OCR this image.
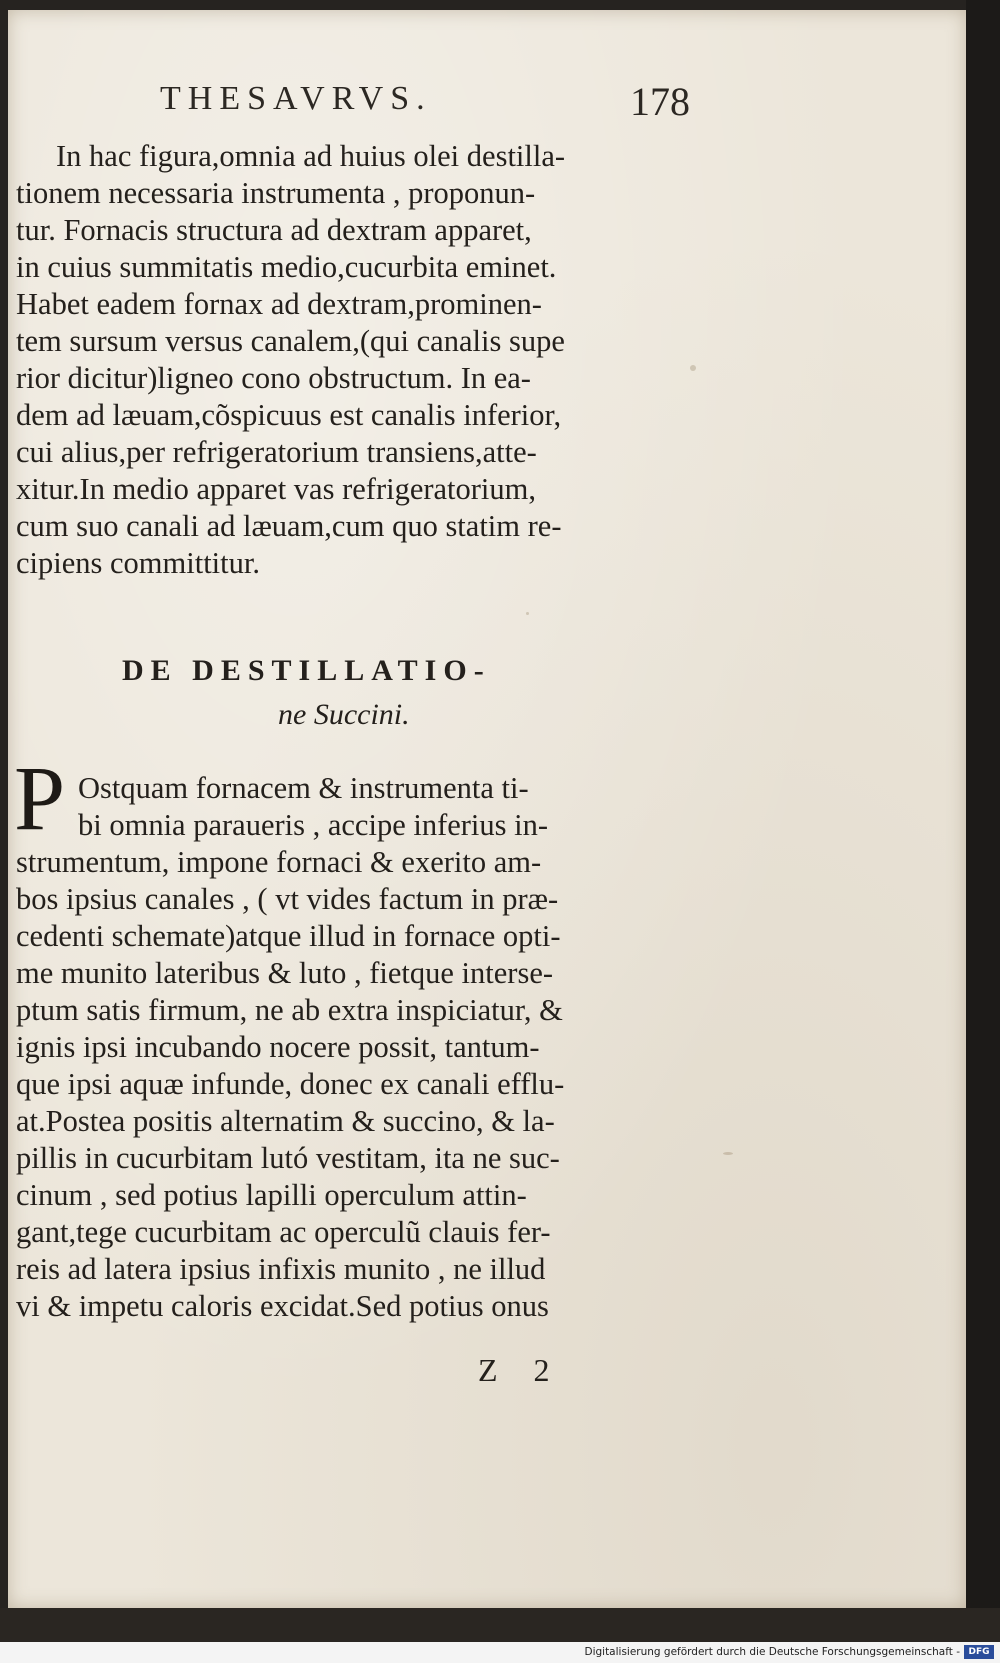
THESAVRVS.	178
In hac figura,omnia ad huius olei destilla-
tionem necessaria instrumenta , proponun-
tur. Fornacis structura ad dextram apparet,
in cuius summitatis medio,cucurbita eminet.
Habet eadem fornax ad dextram,prominen-
tem sursum versus canalem,(qui canalis supe
rior dicitur)ligneo cono obstructum. In ea-
dem ad læuam,cõspicuus est canalis inferior,
cui alius,per refrigeratorium transiens,atte-
xitur.In medio apparet vas refrigeratorium,
cum suo canali ad læuam,cum quo statim re-
cipiens committitur.
DE DESTILLATIO-
ne Succini.
P Ostquam fornacem & instrumenta ti-
bi omnia paraueris , accipe inferius in-
strumentum, impone fornaci & exerito am-
bos ipsius canales , ( vt vides factum in præ-
cedenti schemate)atque illud in fornace opti-
me munito lateribus & luto , fietque interse-
ptum satis firmum, ne ab extra inspiciatur, &
ignis ipsi incubando nocere possit, tantum-
que ipsi aquæ infunde, donec ex canali efflu-
at.Postea positis alternatim & succino, & la-
pillis in cucurbitam lutó vestitam, ita ne suc-
cinum , sed potius lapilli operculum attin-
gant,tege cucurbitam ac operculũ clauis fer-
reis ad latera ipsius infixis munito , ne illud
vi & impetu caloris excidat.Sed potius onus
Z 2
Digitalisierung gefördert durch die Deutsche Forschungsgemeinschaft - DFG
